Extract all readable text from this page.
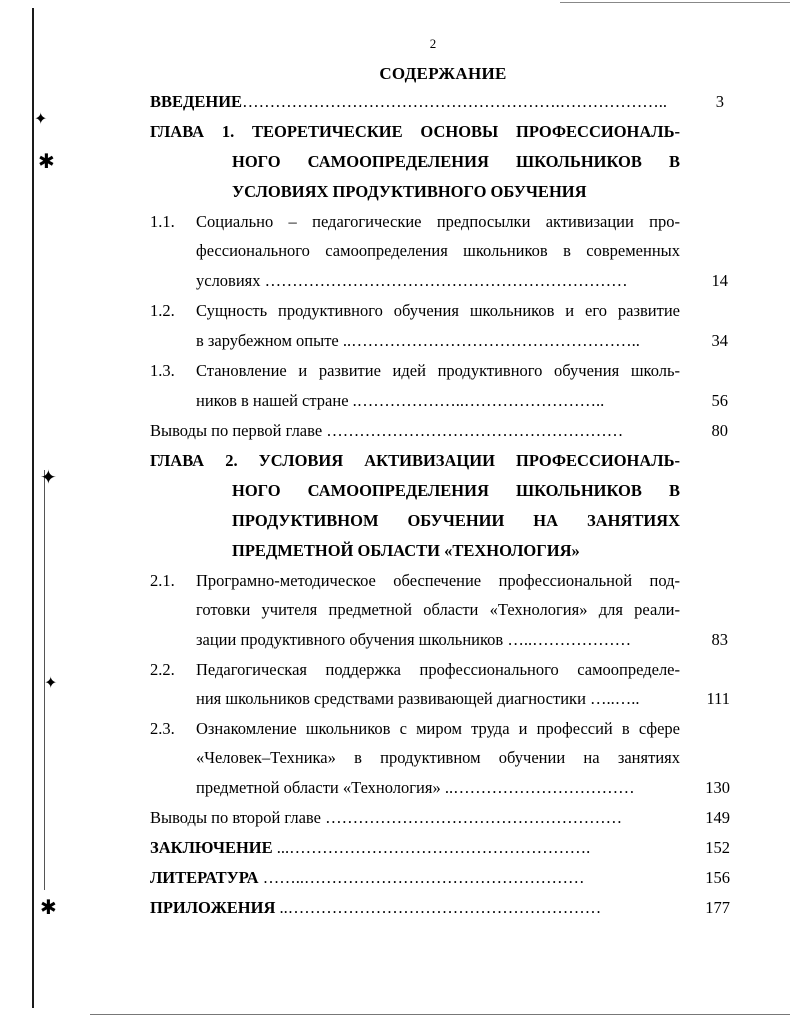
✦
✱
✦
✦
✱
2
СОДЕРЖАНИЕ
ВВЕДЕНИЕ………………………………………………….………………..	3
ГЛАВА 1. ТЕОРЕТИЧЕСКИЕ ОСНОВЫ ПРОФЕССИОНАЛЬ-
НОГО САМООПРЕДЕЛЕНИЯ ШКОЛЬНИКОВ В
УСЛОВИЯХ ПРОДУКТИВНОГО ОБУЧЕНИЯ
1.1. Социально – педагогические предпосылки активизации про-
фессионального самоопределения школьников в современных
условиях …………………………………………………………	14
1.2. Сущность продуктивного обучения школьников и его развитие
в зарубежном опыте ..……………………………………………..	34
1.3. Становление и развитие идей продуктивного обучения школь-
ников в нашей стране .………………..……………………..	56
Выводы по первой главе ………………………………………………	80
ГЛАВА 2. УСЛОВИЯ АКТИВИЗАЦИИ ПРОФЕССИОНАЛЬ-
НОГО САМООПРЕДЕЛЕНИЯ ШКОЛЬНИКОВ В
ПРОДУКТИВНОМ ОБУЧЕНИИ НА ЗАНЯТИЯХ
ПРЕДМЕТНОЙ ОБЛАСТИ «ТЕХНОЛОГИЯ»
2.1. Програмно-методическое обеспечение профессиональной под-
готовки учителя предметной области «Технология» для реали-
зации продуктивного обучения школьников …..………………	83
2.2. Педагогическая поддержка профессионального самоопределе-
ния школьников средствами развивающей диагностики …..…..	111
2.3. Ознакомление школьников с миром труда и профессий в сфере
«Человек–Техника» в продуктивном обучении на занятиях
предметной области «Технология» ..……………………………	130
Выводы по второй главе ………………………………………………	149
ЗАКЛЮЧЕНИЕ ...……………………………………………….	152
ЛИТЕРАТУРА ……..……………………………………………	156
ПРИЛОЖЕНИЯ ..…………………………………………………	177
